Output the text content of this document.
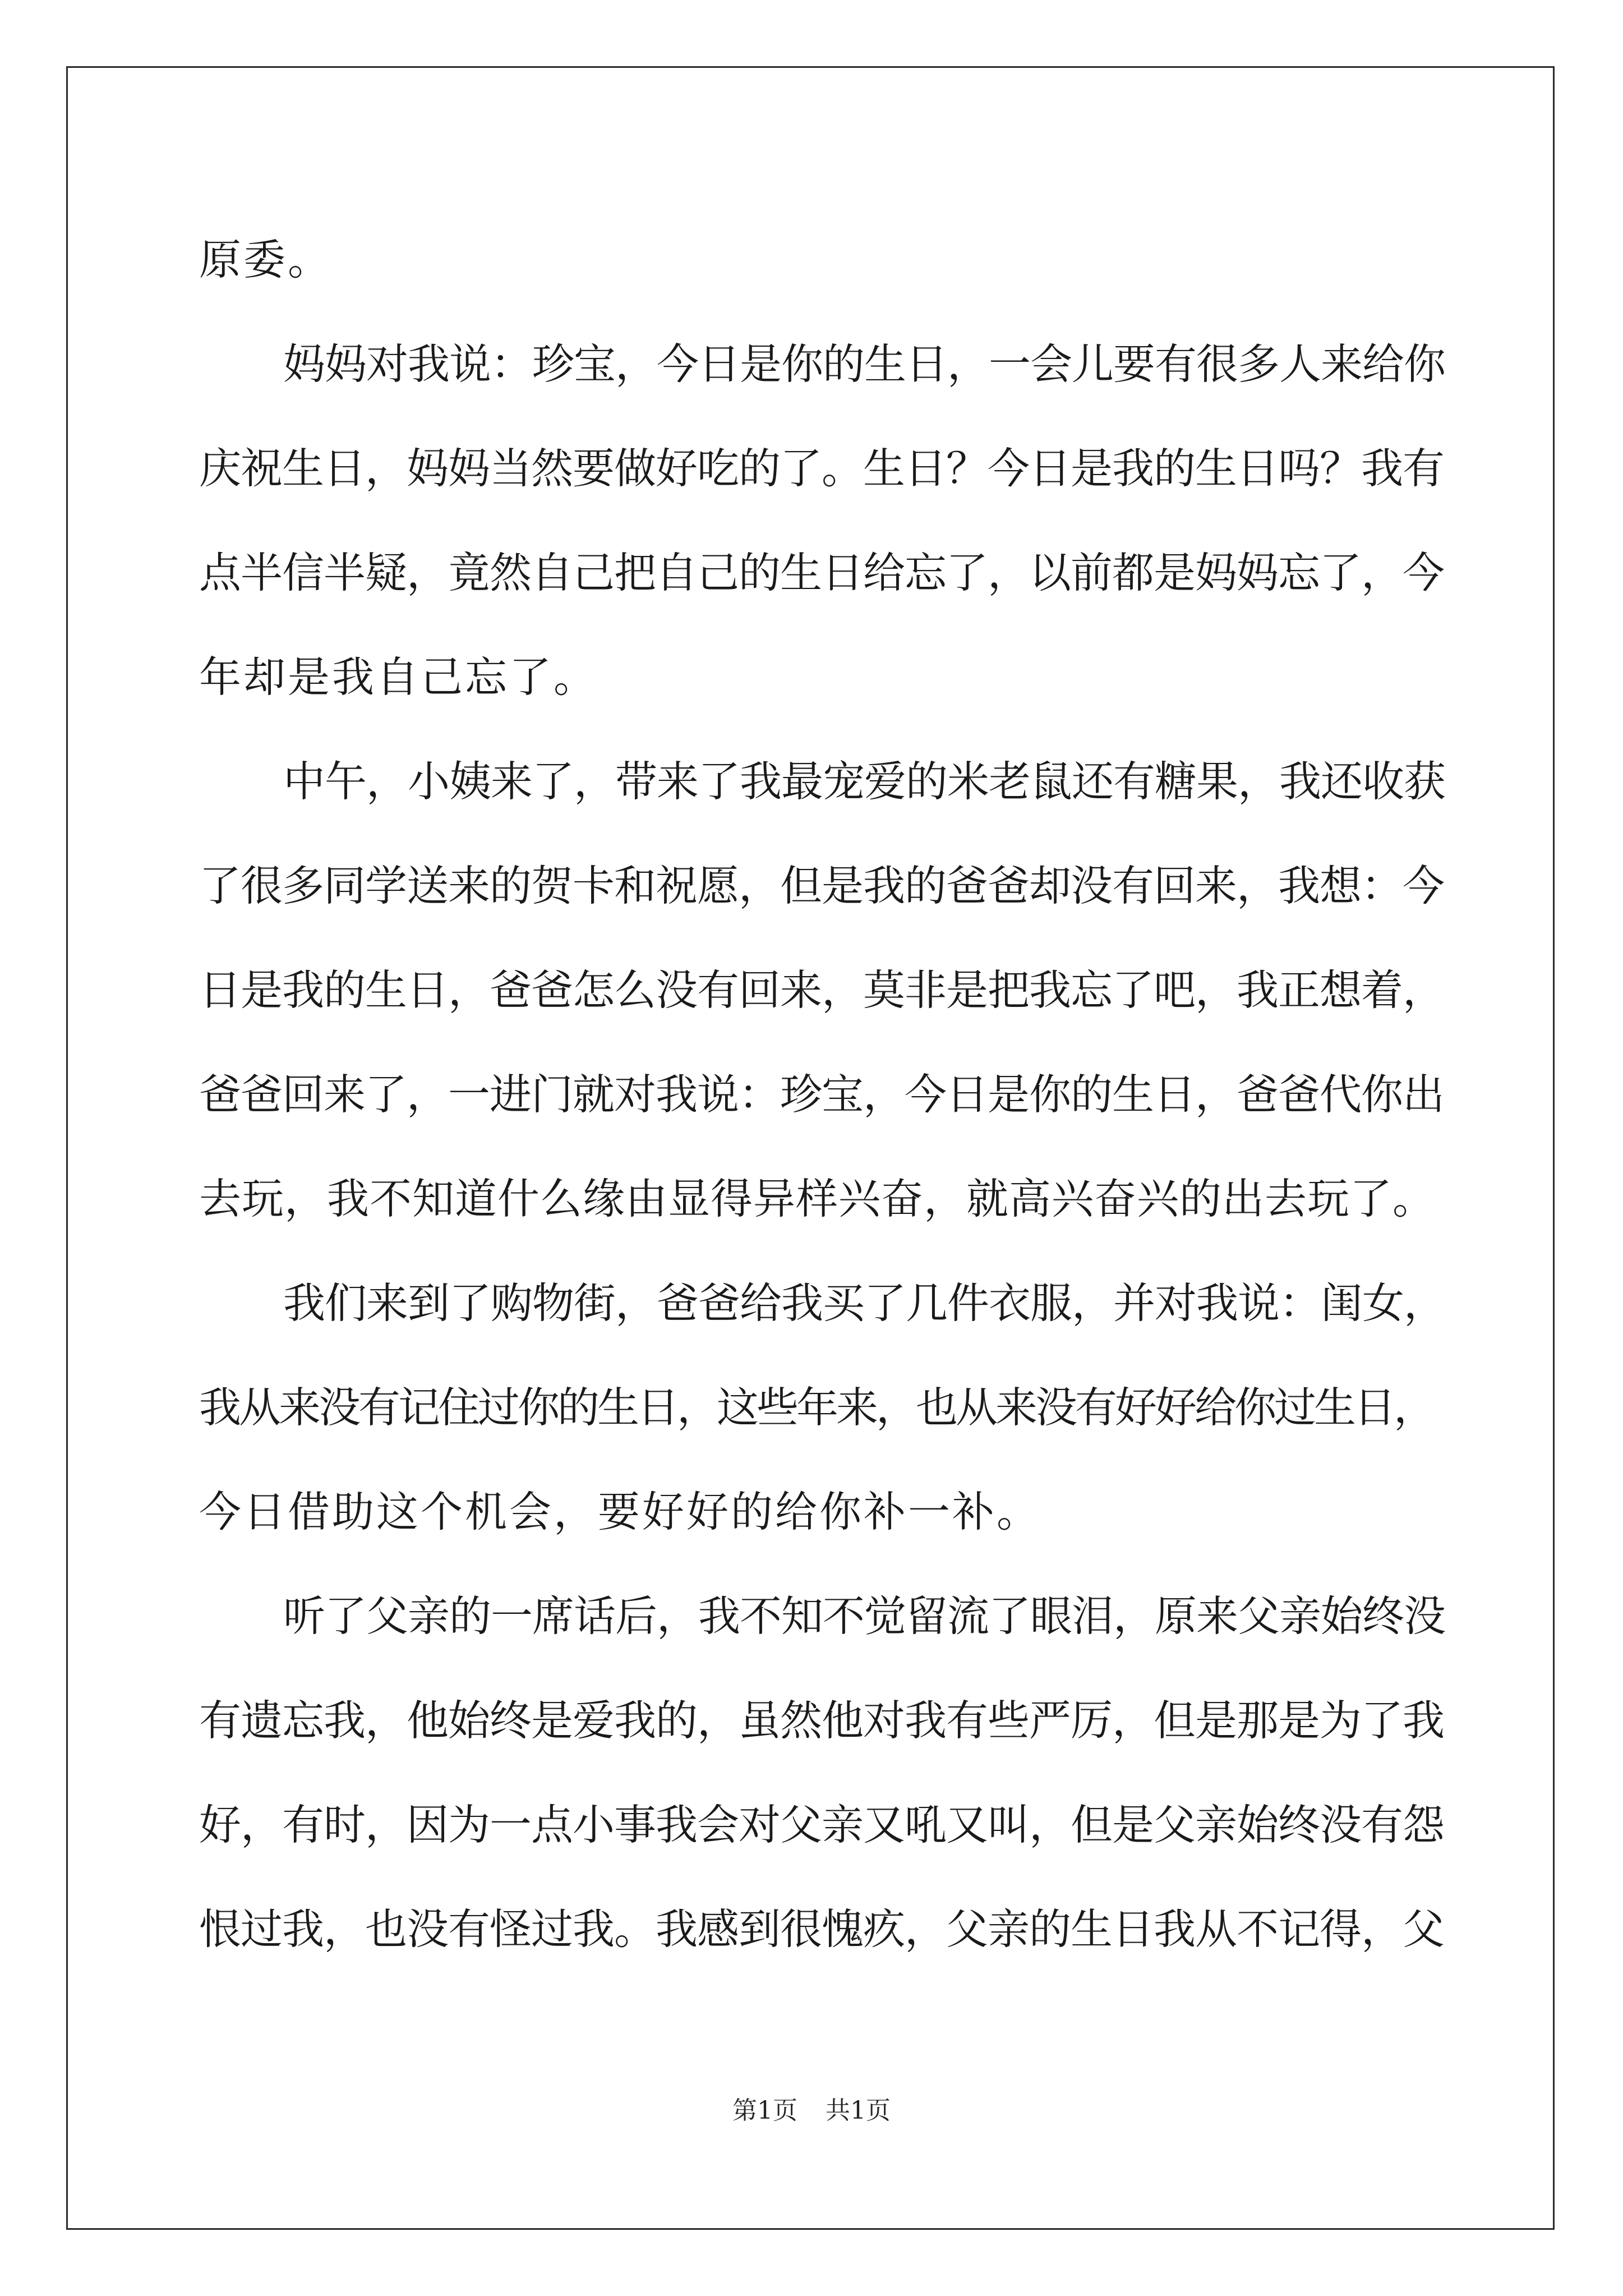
原委。
妈妈对我说：珍宝，今日是你的生日，一会儿要有很多人来给你
庆祝生日，妈妈当然要做好吃的了。生日？今日是我的生日吗？我有
点半信半疑，竟然自己把自己的生日给忘了，以前都是妈妈忘了，今
年却是我自己忘了。
中午，小姨来了，带来了我最宠爱的米老鼠还有糖果，我还收获
了很多同学送来的贺卡和祝愿，但是我的爸爸却没有回来，我想：今
日是我的生日，爸爸怎么没有回来，莫非是把我忘了吧，我正想着，
爸爸回来了，一进门就对我说：珍宝，今日是你的生日，爸爸代你出
去玩，我不知道什么缘由显得异样兴奋，就高兴奋兴的出去玩了。
我们来到了购物街，爸爸给我买了几件衣服，并对我说：闺女，
我从来没有记住过你的生日，这些年来，也从来没有好好给你过生日，
今日借助这个机会，要好好的给你补一补。
听了父亲的一席话后，我不知不觉留流了眼泪，原来父亲始终没
有遗忘我，他始终是爱我的，虽然他对我有些严厉，但是那是为了我
好，有时，因为一点小事我会对父亲又吼又叫，但是父亲始终没有怨
恨过我，也没有怪过我。我感到很愧疚，父亲的生日我从不记得，父
第1页 共1页
